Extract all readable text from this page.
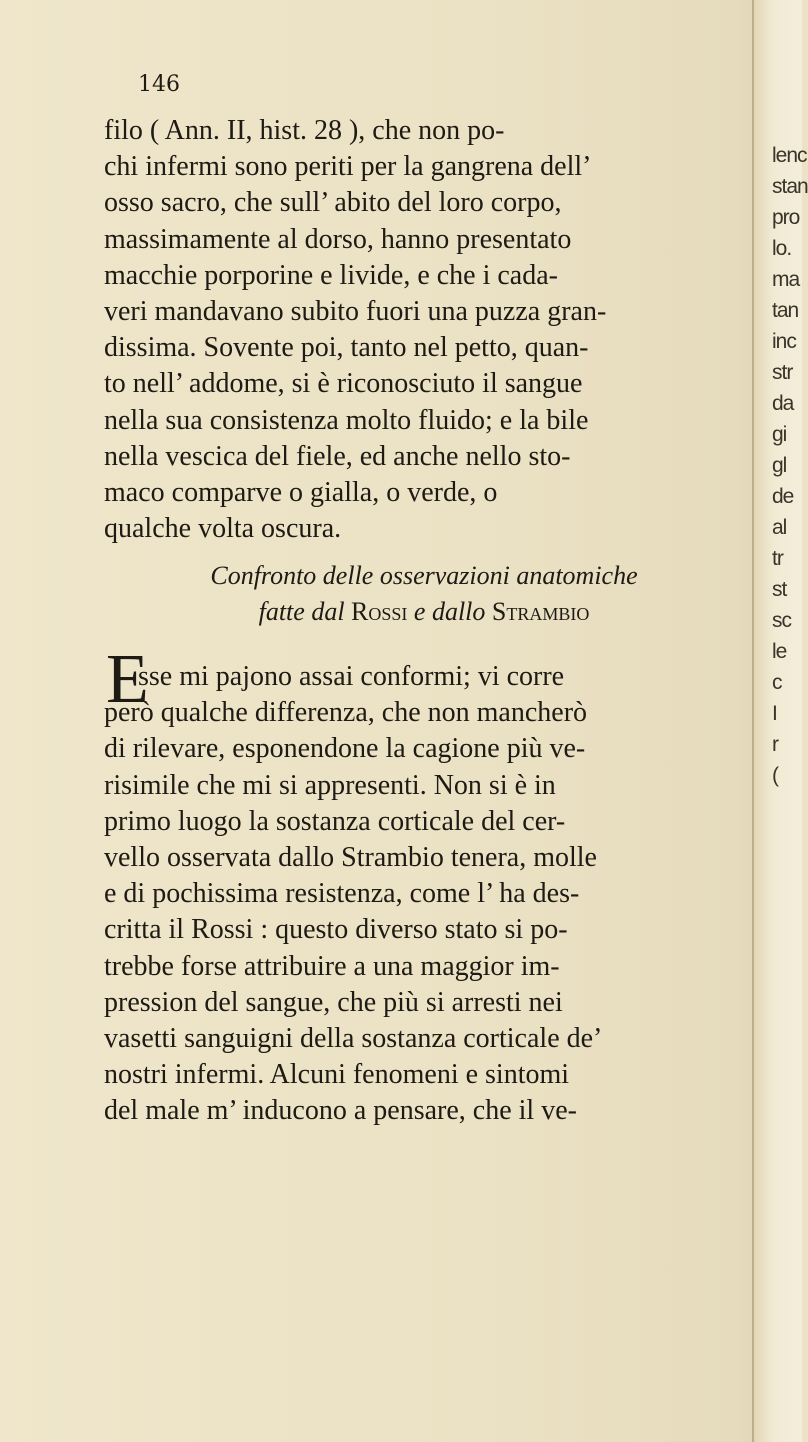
lenc
stan
pro
lo.
ma
tan
inc
str
da
gi
gl
de
al
tr
st
sc
le
c
I
r
(
146
filo ( Ann. II, hist. 28 ), che non po-
chi infermi sono periti per la gangrena dell’
osso sacro, che sull’ abito del loro corpo,
massimamente al dorso, hanno presentato
macchie porporine e livide, e che i cada-
veri mandavano subito fuori una puzza gran-
dissima. Sovente poi, tanto nel petto, quan-
to nell’ addome, si è riconosciuto il sangue
nella sua consistenza molto fluido; e la bile
nella vescica del fiele, ed anche nello sto-
maco comparve o gialla, o verde, o
qualche volta oscura.
Confronto delle osservazioni anatomiche
fatte dal Rossi e dallo Strambio
E
sse mi pajono assai conformi; vi corre
però qualche differenza, che non mancherò
di rilevare, esponendone la cagione più ve-
risimile che mi si appresenti. Non si è in
primo luogo la sostanza corticale del cer-
vello osservata dallo Strambio tenera, molle
e di pochissima resistenza, come l’ ha des-
critta il Rossi : questo diverso stato si po-
trebbe forse attribuire a una maggior im-
pression del sangue, che più si arresti nei
vasetti sanguigni della sostanza corticale de’
nostri infermi. Alcuni fenomeni e sintomi
del male m’ inducono a pensare, che il ve-
